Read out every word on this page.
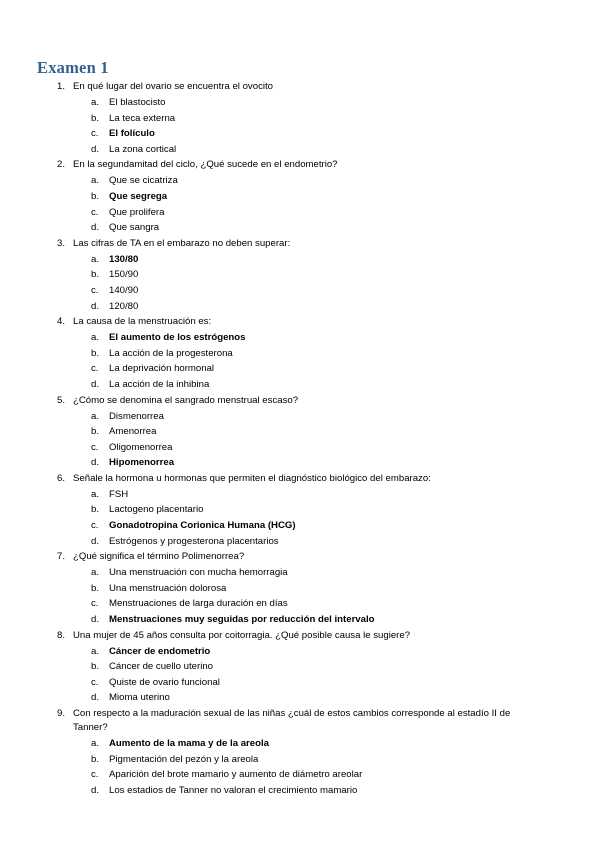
Examen 1
1. En qué lugar del ovario se encuentra el ovocito
a. El blastocisto
b. La teca externa
c. El folículo
d. La zona cortical
2. En la segundamitad del ciclo, ¿Qué sucede en el endometrio?
a. Que se cicatriza
b. Que segrega
c. Que prolifera
d. Que sangra
3. Las cifras de TA en el embarazo no deben superar:
a. 130/80
b. 150/90
c. 140/90
d. 120/80
4. La causa de la menstruación es:
a. El aumento de los estrógenos
b. La acción de la progesterona
c. La deprivación hormonal
d. La acción de la inhibina
5. ¿Cómo se denomina el sangrado menstrual escaso?
a. Dismenorrea
b. Amenorrea
c. Oligomenorrea
d. Hipomenorrea
6. Señale la hormona u hormonas que permiten el diagnóstico biológico del embarazo:
a. FSH
b. Lactogeno placentario
c. Gonadotropina Corionica Humana (HCG)
d. Estrógenos y progesterona placentarios
7. ¿Qué significa el término Polimenorrea?
a. Una menstruación con mucha hemorragia
b. Una menstruación dolorosa
c. Menstruaciones de larga duración en días
d. Menstruaciones muy seguidas por reducción del intervalo
8. Una mujer de 45 años consulta por coitorragia. ¿Qué posible causa le sugiere?
a. Cáncer de endometrio
b. Cáncer de cuello uterino
c. Quiste de ovario funcional
d. Mioma uterino
9. Con respecto a la maduración sexual de las niñas ¿cuál de estos cambios corresponde al estadío II de Tanner?
a. Aumento de la mama y de la areola
b. Pigmentación del pezón y la areola
c. Aparición del brote mamario y aumento de diámetro areolar
d. Los estadios de Tanner no valoran el crecimiento mamario
